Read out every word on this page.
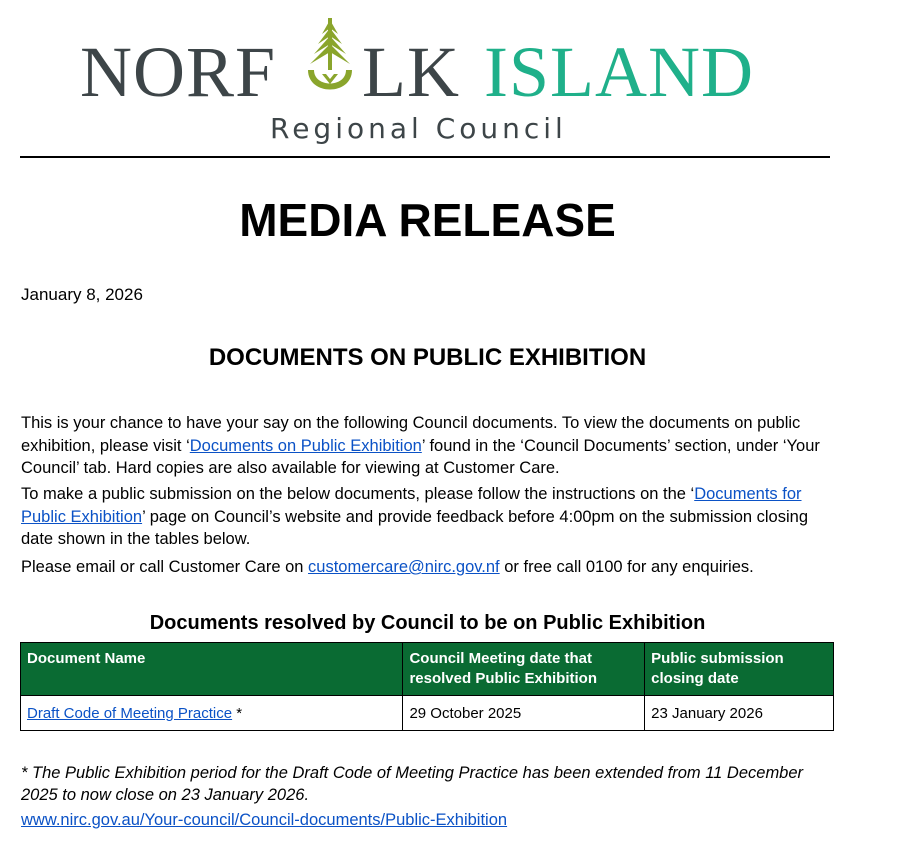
NORF LK ISLAND
Regional Council
MEDIA RELEASE
January 8, 2026
DOCUMENTS ON PUBLIC EXHIBITION
This is your chance to have your say on the following Council documents. To view the documents on public exhibition, please visit ‘Documents on Public Exhibition’ found in the ‘Council Documents’ section, under ‘Your Council’ tab. Hard copies are also available for viewing at Customer Care.
To make a public submission on the below documents, please follow the instructions on the ‘Documents for Public Exhibition’ page on Council’s website and provide feedback before 4:00pm on the submission closing date shown in the tables below.
Please email or call Customer Care on customercare@nirc.gov.nf or free call 0100 for any enquiries.
Documents resolved by Council to be on Public Exhibition
Document Name	Council Meeting date that resolved Public Exhibition	Public submission closing date
Draft Code of Meeting Practice *	29 October 2025	23 January 2026
* The Public Exhibition period for the Draft Code of Meeting Practice has been extended from 11 December 2025 to now close on 23 January 2026.
www.nirc.gov.au/Your-council/Council-documents/Public-Exhibition
